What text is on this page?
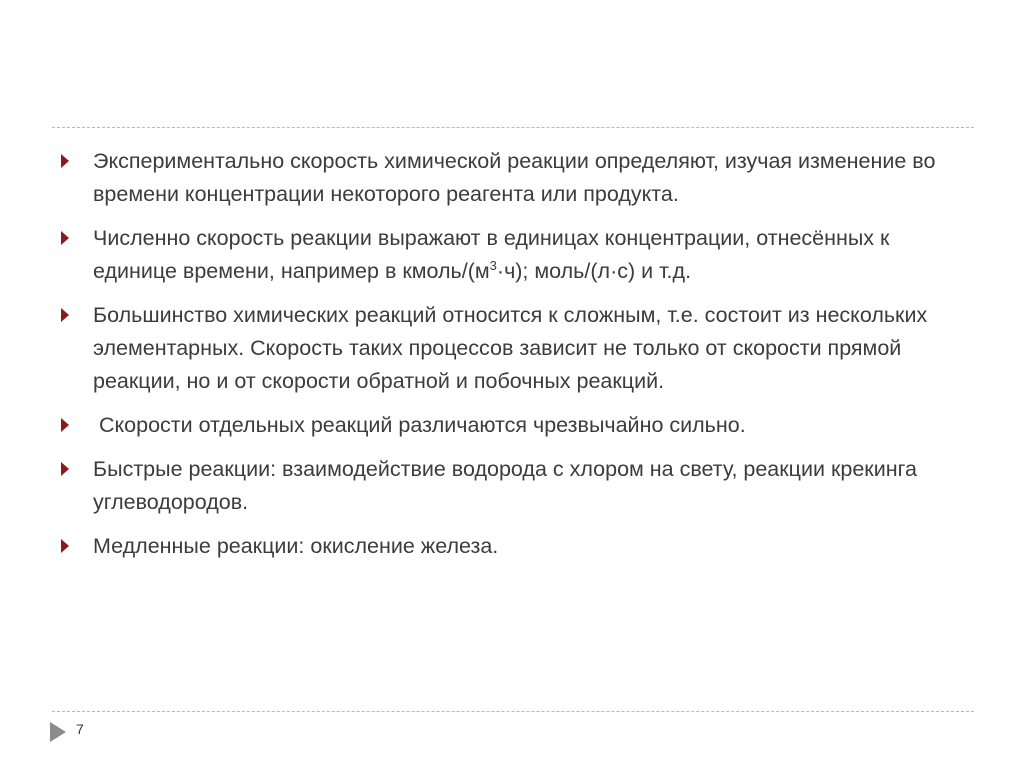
Экспериментально скорость химической реакции определяют, изучая изменение во времени концентрации некоторого реагента или продукта.
Численно скорость реакции выражают в единицах концентрации, отнесённых к единице времени, например в кмоль/$(м^3\cdot ч)$; моль/(л·с) и т.д.
Большинство химических реакций относится к сложным, т.е. состоит из нескольких элементарных. Скорость таких процессов зависит не только от скорости прямой реакции, но и от скорости обратной и побочных реакций.
Скорости отдельных реакций различаются чрезвычайно сильно.
Быстрые реакции: взаимодействие водорода с хлором на свету, реакции крекинга углеводородов.
Медленные реакции: окисление железа.
7
